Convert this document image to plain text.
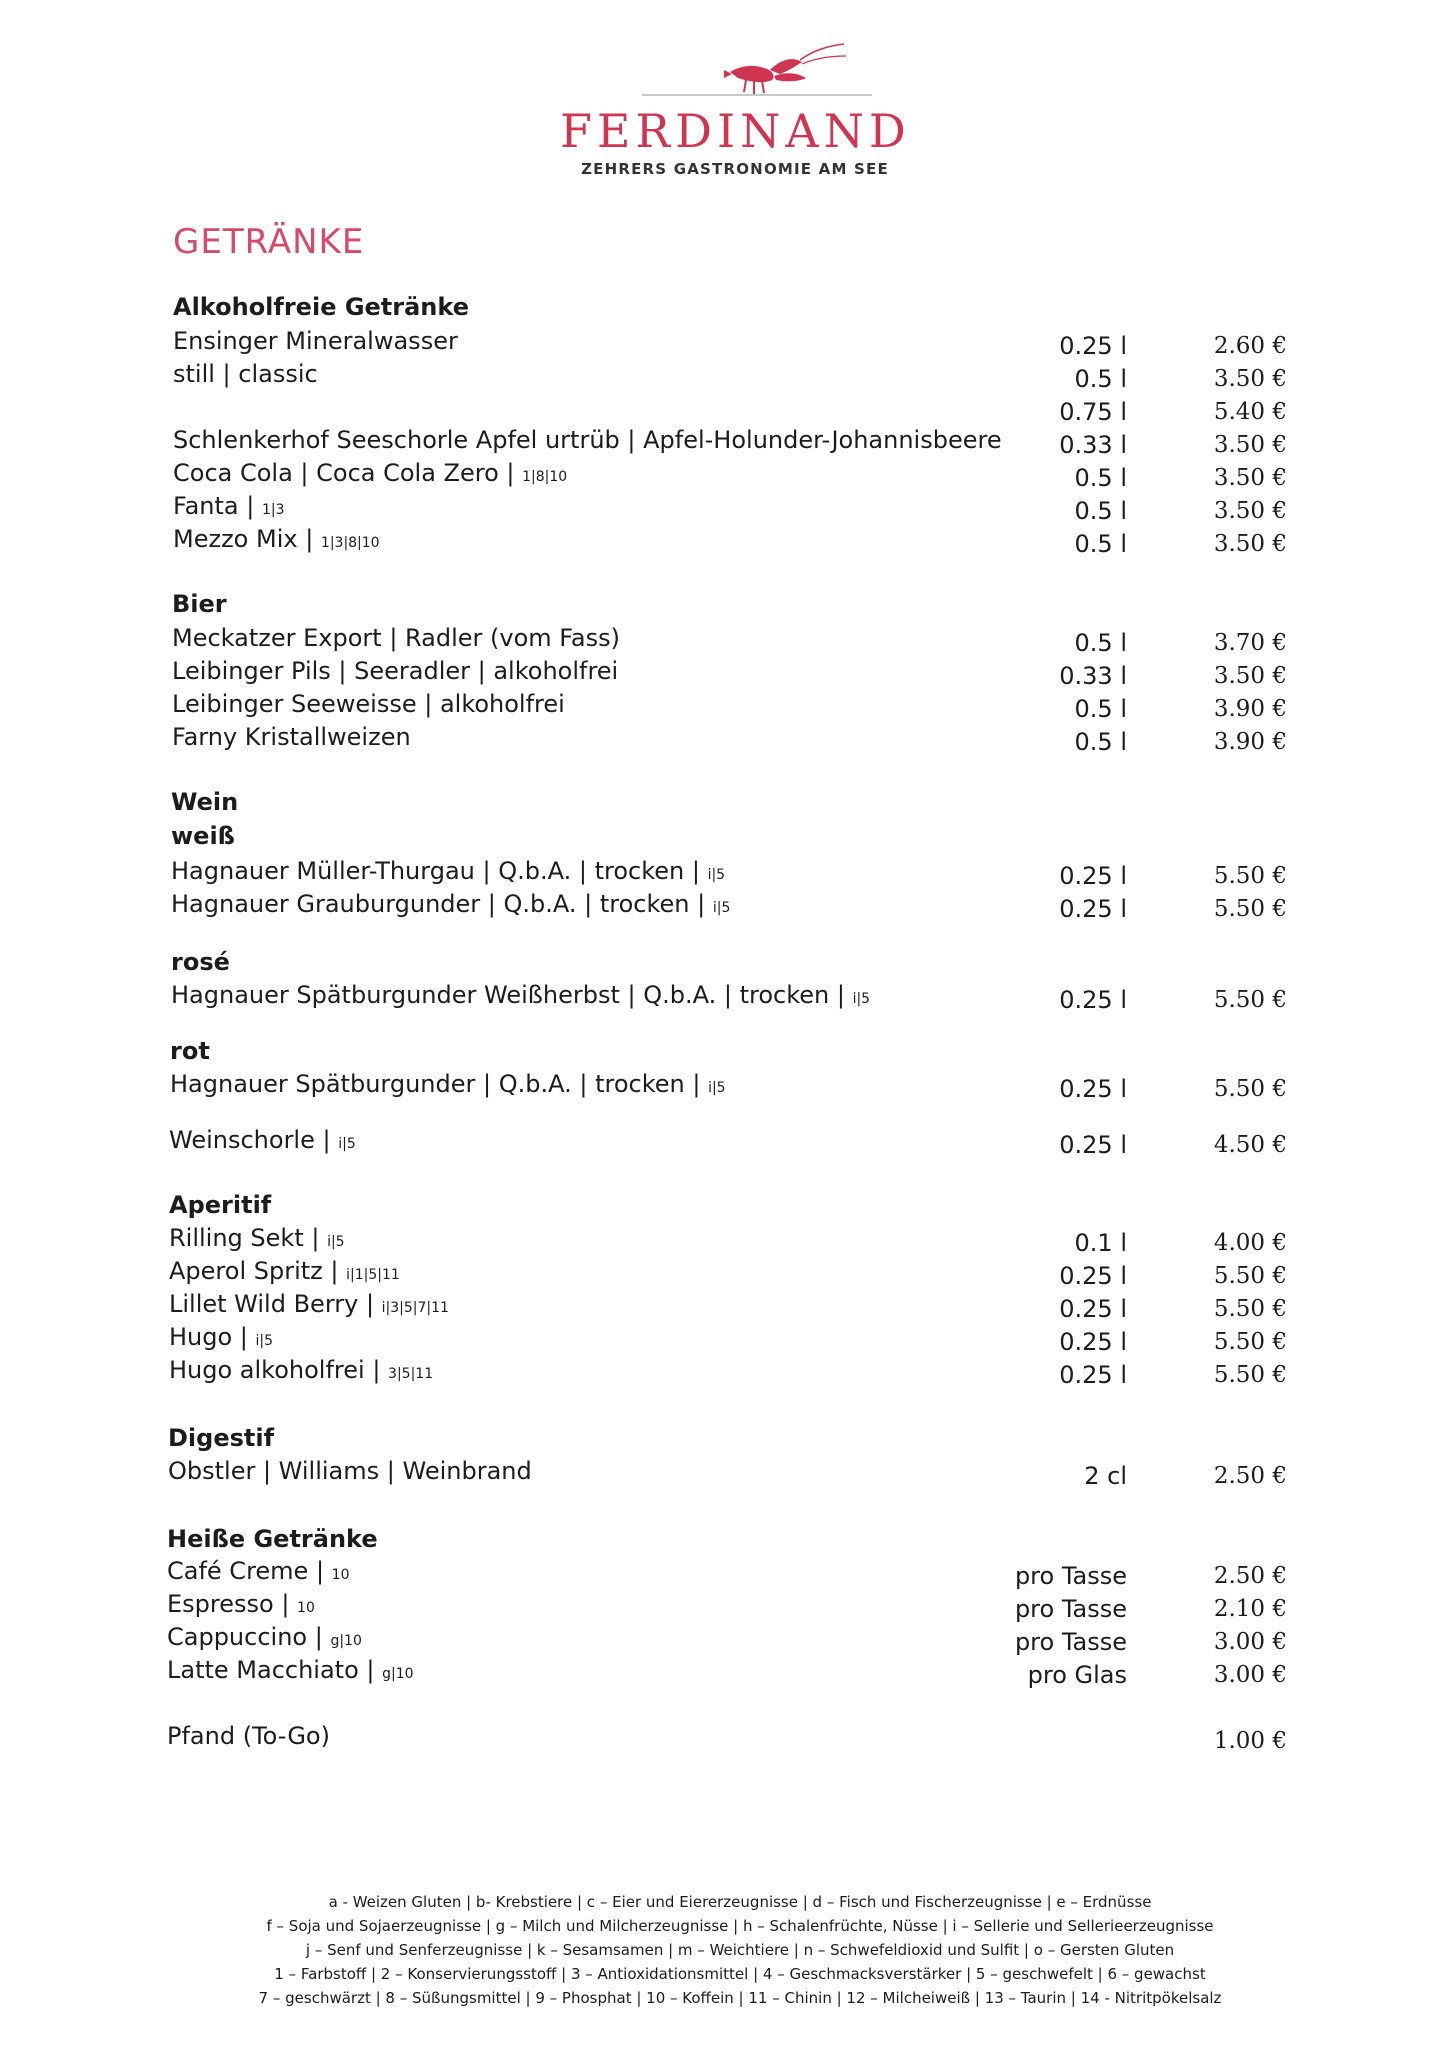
FERDINAND
ZEHRERS GASTRONOMIE AM SEE
GETRÄNKE
Alkoholfreie Getränke
Bier
Wein
weiß
rosé
rot
Aperitif
Digestif
Heiße Getränke
Ensinger Mineralwasser	0.25 l	2.60 €
still | classic	0.5 l	3.50 €
0.75 l	5.40 €
Schlenkerhof Seeschorle Apfel urtrüb | Apfel-Holunder-Johannisbeere 0.33 l	3.50 €
Coca Cola | Coca Cola Zero | 1|8|10	0.5 l	3.50 €
Fanta | 1|3	0.5 l	3.50 €
Mezzo Mix | 1|3|8|10	0.5 l	3.50 €
Meckatzer Export | Radler (vom Fass)	0.5 l	3.70 €
Leibinger Pils | Seeradler | alkoholfrei	0.33 l	3.50 €
Leibinger Seeweisse | alkoholfrei	0.5 l	3.90 €
Farny Kristallweizen	0.5 l	3.90 €
Hagnauer Müller-Thurgau | Q.b.A. | trocken | i|5	0.25 l	5.50 €
Hagnauer Grauburgunder | Q.b.A. | trocken | i|5	0.25 l	5.50 €
Hagnauer Spätburgunder Weißherbst | Q.b.A. | trocken | i|5	0.25 l	5.50 €
Hagnauer Spätburgunder | Q.b.A. | trocken | i|5	0.25 l	5.50 €
Weinschorle | i|5	0.25 l	4.50 €
Rilling Sekt | i|5	0.1 l	4.00 €
Aperol Spritz | i|1|5|11	0.25 l	5.50 €
Lillet Wild Berry | i|3|5|7|11	0.25 l	5.50 €
Hugo | i|5	0.25 l	5.50 €
Hugo alkoholfrei | 3|5|11	0.25 l	5.50 €
Obstler | Williams | Weinbrand	2 cl	2.50 €
Café Creme | 10	pro Tasse	2.50 €
Espresso | 10	pro Tasse	2.10 €
Cappuccino | g|10	pro Tasse	3.00 €
Latte Macchiato | g|10	pro Glas	3.00 €
Pfand (To-Go)	1.00 €
a - Weizen Gluten | b- Krebstiere | c – Eier und Eiererzeugnisse | d – Fisch und Fischerzeugnisse | e – Erdnüsse
f – Soja und Sojaerzeugnisse | g – Milch und Milcherzeugnisse | h – Schalenfrüchte, Nüsse | i – Sellerie und Sellerieerzeugnisse
j – Senf und Senferzeugnisse | k – Sesamsamen | m – Weichtiere | n – Schwefeldioxid und Sulfit | o – Gersten Gluten
1 – Farbstoff | 2 – Konservierungsstoff | 3 – Antioxidationsmittel | 4 – Geschmacksverstärker | 5 – geschwefelt | 6 – gewachst
7 – geschwärzt | 8 – Süßungsmittel | 9 – Phosphat | 10 – Koffein | 11 – Chinin | 12 – Milcheiweiß | 13 – Taurin | 14 - Nitritpökelsalz
